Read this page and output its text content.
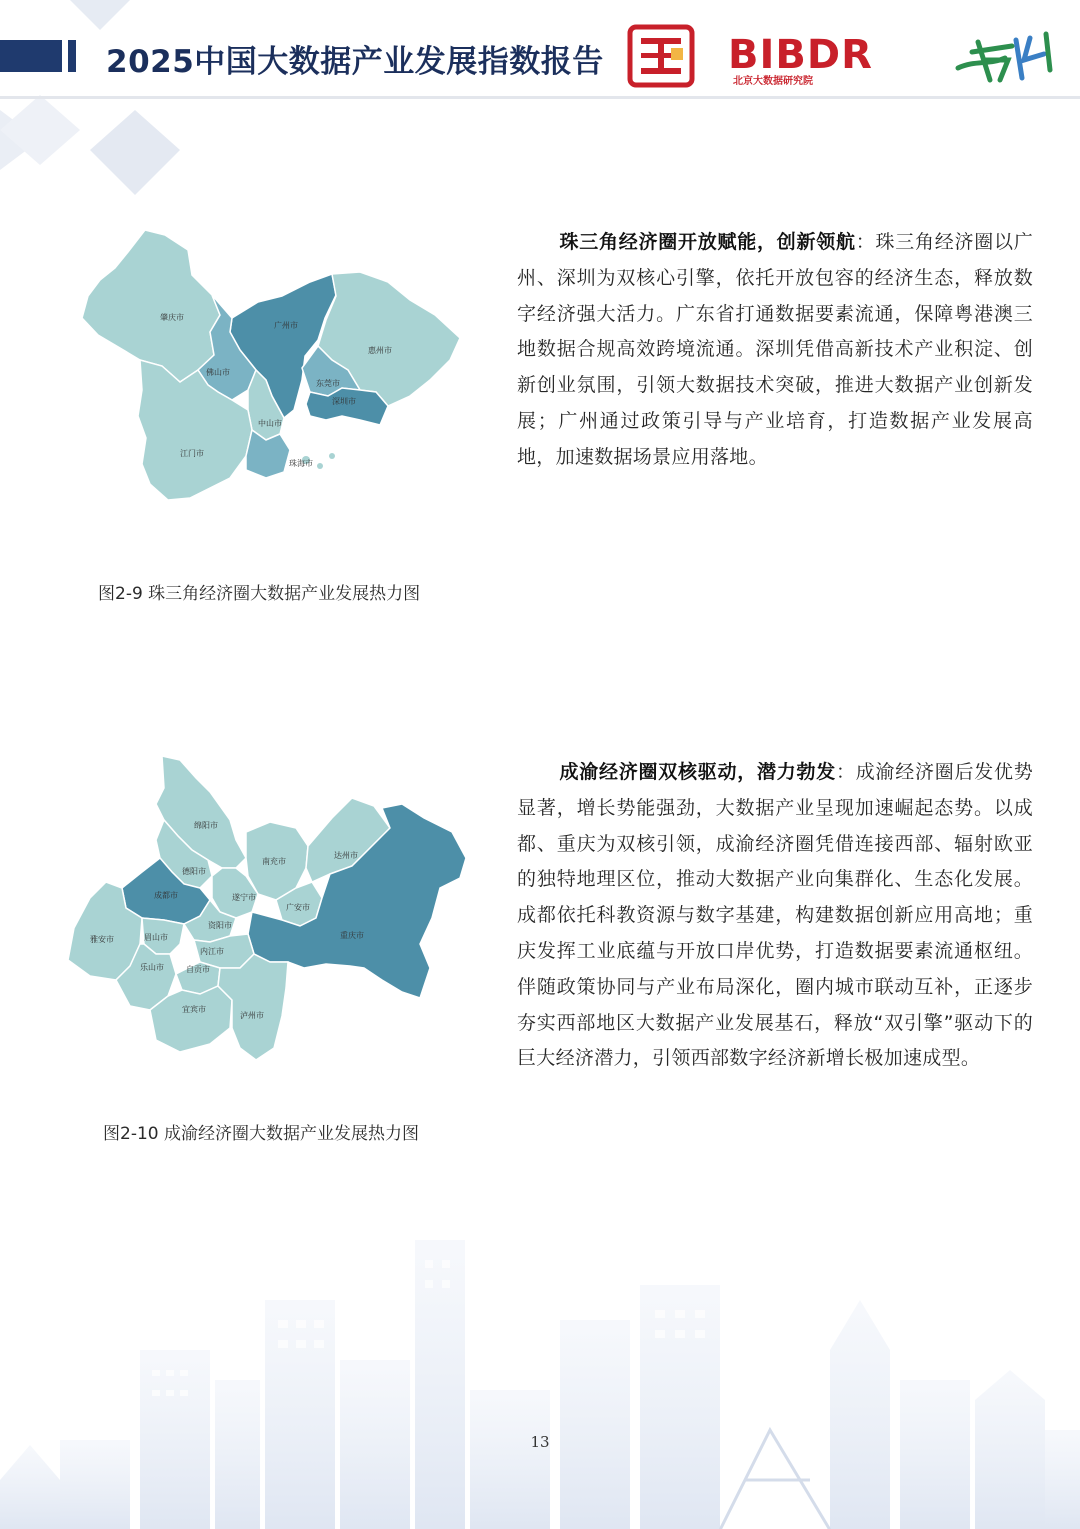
2025中国大数据产业发展指数报告	BIBDR
北京大数据研究院
肇庆市
广州市
惠州市
佛山市
东莞市
深圳市
中山市
江门市
珠海市
图2-9 珠三角经济圈大数据产业发展热力图

珠三角经济圈开放赋能，创新领航：珠三角经济圈以广州、深圳为双核心引擎，依托开放包容的经济生态，释放数字经济强大活力。广东省打通数据要素流通，保障粤港澳三地数据合规高效跨境流通。深圳凭借高新技术产业积淀、创新创业氛围，引领大数据技术突破，推进大数据产业创新发展；广州通过政策引导与产业培育，打造数据产业发展高地，加速数据场景应用落地。

绵阳市
德阳市
南充市
达州市
成都市	遂宁市
广安市
资阳市
重庆市
雅安市	眉山市
内江市
乐山市	自贡市
宜宾市
泸州市
图2-10 成渝经济圈大数据产业发展热力图

成渝经济圈双核驱动，潜力勃发：成渝经济圈后发优势显著，增长势能强劲，大数据产业呈现加速崛起态势。以成都、重庆为双核引领，成渝经济圈凭借连接西部、辐射欧亚的独特地理区位，推动大数据产业向集群化、生态化发展。成都依托科教资源与数字基建，构建数据创新应用高地；重庆发挥工业底蕴与开放口岸优势，打造数据要素流通枢纽。伴随政策协同与产业布局深化，圈内城市联动互补，正逐步夯实西部地区大数据产业发展基石，释放“双引擎”驱动下的巨大经济潜力，引领西部数字经济新增长极加速成型。

13
